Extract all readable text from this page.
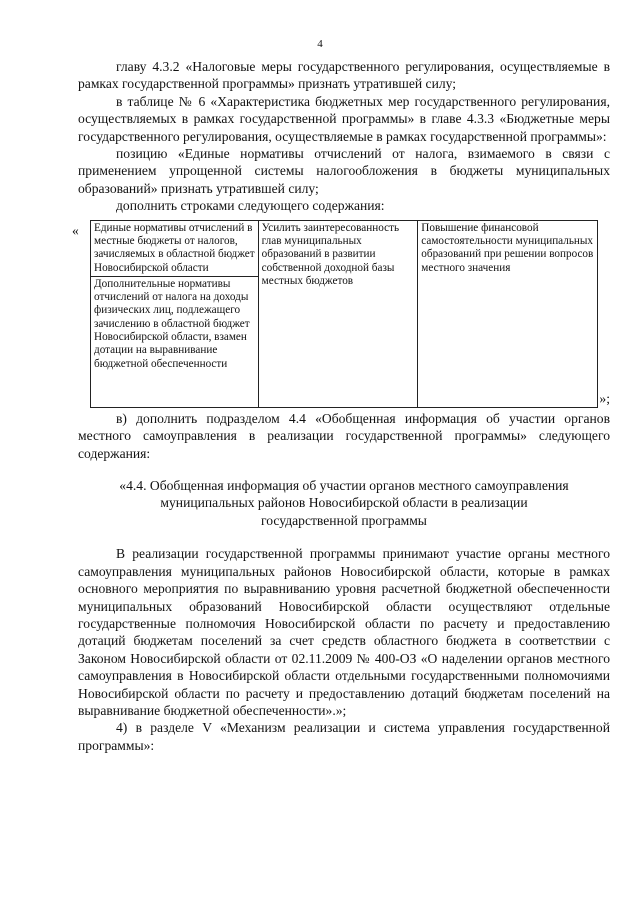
4

главу 4.3.2 «Налоговые меры государственного регулирования, осуществляемые в рамках государственной программы» признать утратившей силу;

в таблице № 6 «Характеристика бюджетных мер государственного регулирования, осуществляемых в рамках государственной программы» в главе 4.3.3 «Бюджетные меры государственного регулирования, осуществляемые в рамках государственной программы»:

позицию «Единые нормативы отчислений от налога, взимаемого в связи с применением упрощенной системы налогообложения в бюджеты муниципальных образований» признать утратившей силу;

дополнить строками следующего содержания:

« Единые нормативы отчислений в местные бюджеты от налогов, зачисляемых в областной бюджет Новосибирской области	Усилить заинтересованность глав муниципальных образований в развитии собственной доходной базы местных бюджетов	Повышение финансовой самостоятельности муниципальных образований при решении вопросов местного значения
Дополнительные нормативы отчислений от налога на доходы физических лиц, подлежащего зачислению в областной бюджет Новосибирской области, взамен дотации на выравнивание бюджетной обеспеченности
»;

в) дополнить подразделом 4.4 «Обобщенная информация об участии органов местного самоуправления в реализации государственной программы» следующего содержания:

«4.4. Обобщенная информация об участии органов местного самоуправления
муниципальных районов Новосибирской области в реализации
государственной программы

В реализации государственной программы принимают участие органы местного самоуправления муниципальных районов Новосибирской области, которые в рамках основного мероприятия по выравниванию уровня расчетной бюджетной обеспеченности муниципальных образований Новосибирской области осуществляют отдельные государственные полномочия Новосибирской области по расчету и предоставлению дотаций бюджетам поселений за счет средств областного бюджета в соответствии с Законом Новосибирской области от 02.11.2009 № 400-ОЗ «О наделении органов местного самоуправления в Новосибирской области отдельными государственными полномочиями Новосибирской области по расчету и предоставлению дотаций бюджетам поселений на выравнивание бюджетной обеспеченности».»;

4) в разделе V «Механизм реализации и система управления государственной программы»:
